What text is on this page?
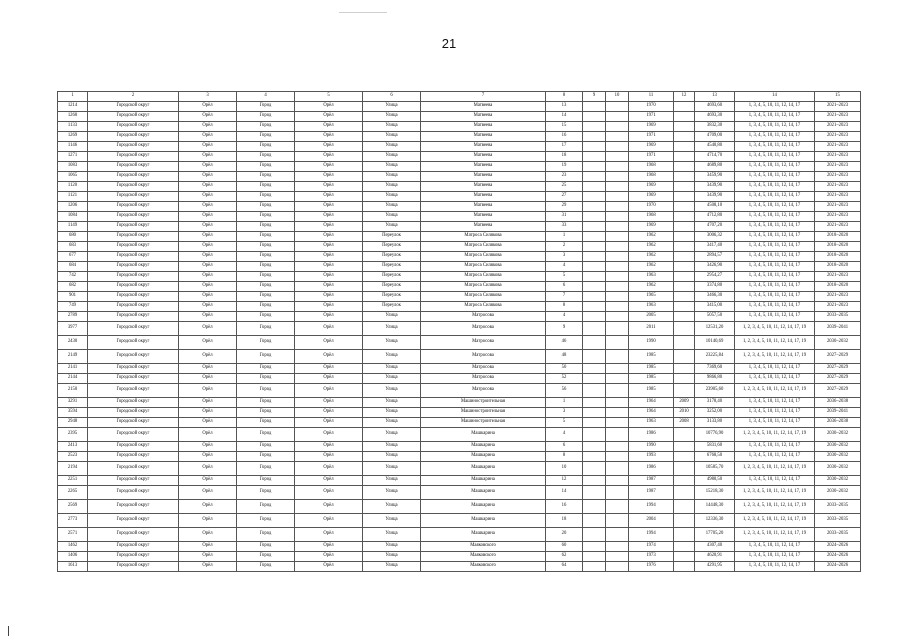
21
1	2	3	4	5	6	7	8	9	10	11	12	13	14	15
1214	Городской округ	Орёл	Город	Орёл	Улица	Матвеева	13			1970		4693,60	1, 3, 4, 5, 10, 11, 12, 14, 17	2021–2023
1268	Городской округ	Орёл	Город	Орёл	Улица	Матвеева	14			1971		4693,30	1, 3, 4, 5, 10, 11, 12, 14, 17	2021–2023
1133	Городской округ	Орёл	Город	Орёл	Улица	Матвеева	15			1969		3832,30	1, 3, 4, 5, 10, 11, 12, 14, 17	2021–2023
1269	Городской округ	Орёл	Город	Орёл	Улица	Матвеева	16			1971		4709,00	1, 3, 4, 5, 10, 11, 12, 14, 17	2021–2023
1146	Городской округ	Орёл	Город	Орёл	Улица	Матвеева	17			1969		4540,80	1, 3, 4, 5, 10, 11, 12, 14, 17	2021–2023
1271	Городской округ	Орёл	Город	Орёл	Улица	Матвеева	18			1971		4714,70	1, 3, 4, 5, 10, 11, 12, 14, 17	2021–2023
1083	Городской округ	Орёл	Город	Орёл	Улица	Матвеева	19			1968		4689,80	1, 3, 4, 5, 10, 11, 12, 14, 17	2021–2023
1065	Городской округ	Орёл	Город	Орёл	Улица	Матвеева	23			1968		3459,90	1, 3, 4, 5, 10, 11, 12, 14, 17	2021–2023
1120	Городской округ	Орёл	Город	Орёл	Улица	Матвеева	25			1969		3439,90	1, 3, 4, 5, 10, 11, 12, 14, 17	2021–2023
1121	Городской округ	Орёл	Город	Орёл	Улица	Матвеева	27			1969		3439,90	1, 3, 4, 5, 10, 11, 12, 14, 17	2021–2023
1206	Городской округ	Орёл	Город	Орёл	Улица	Матвеева	29			1970		4508,10	1, 3, 4, 5, 10, 11, 12, 14, 17	2021–2023
1084	Городской округ	Орёл	Город	Орёл	Улица	Матвеева	31			1968		4712,80	1, 3, 4, 5, 10, 11, 12, 14, 17	2021–2023
1149	Городской округ	Орёл	Город	Орёл	Улица	Матвеева	33			1969		4707,20	1, 3, 4, 5, 10, 11, 12, 14, 17	2021–2023
680	Городской округ	Орёл	Город	Орёл	Переулок	Матроса Силякова	1			1962		3006,32	1, 3, 4, 5, 10, 11, 12, 14, 17	2018–2020
683	Городской округ	Орёл	Город	Орёл	Переулок	Матроса Силякова	2			1962		3417,40	1, 3, 4, 5, 10, 11, 12, 14, 17	2018–2020
677	Городской округ	Орёл	Город	Орёл	Переулок	Матроса Силякова	3			1962		2894,57	1, 3, 4, 5, 10, 11, 12, 14, 17	2018–2020
684	Городской округ	Орёл	Город	Орёл	Переулок	Матроса Силякова	4			1962		3426,90	1, 3, 4, 5, 10, 11, 12, 14, 17	2018–2020
742	Городской округ	Орёл	Город	Орёл	Переулок	Матроса Силякова	5			1963		2954,27	1, 3, 4, 5, 10, 11, 12, 14, 17	2021–2023
682	Городской округ	Орёл	Город	Орёл	Переулок	Матроса Силякова	6			1962		3374,80	1, 3, 4, 5, 10, 11, 12, 14, 17	2018–2020
901	Городской округ	Орёл	Город	Орёл	Переулок	Матроса Силякова	7			1965		3466,30	1, 3, 4, 5, 10, 11, 12, 14, 17	2021–2023
749	Городской округ	Орёл	Город	Орёл	Переулок	Матроса Силякова	8			1963		3415,00	1, 3, 4, 5, 10, 11, 12, 14, 17	2021–2023
2789	Городской округ	Орёл	Город	Орёл	Улица	Матросова	4			2005		5057,50	1, 3, 4, 5, 10, 11, 12, 14, 17	2033–2035
3977	Городской округ	Орёл	Город	Орёл	Улица	Матросова	9			2011		12531,20	1, 2, 3, 4, 5, 10, 11, 12, 14, 17, 19	2039–2041
2430	Городской округ	Орёл	Город	Орёл	Улица	Матросова	46			1990		10140,69	1, 2, 3, 4, 5, 10, 11, 12, 14, 17, 19	2030–2032
2149	Городской округ	Орёл	Город	Орёл	Улица	Матросова	48			1985		23225,84	1, 2, 3, 4, 5, 10, 11, 12, 14, 17, 19	2027–2029
2141	Городской округ	Орёл	Город	Орёл	Улица	Матросова	50			1985		7369,60	1, 3, 4, 5, 10, 11, 12, 14, 17	2027–2029
2144	Городской округ	Орёл	Город	Орёл	Улица	Матросова	52			1985		9866,80	1, 3, 4, 5, 10, 11, 12, 14, 17	2027–2029
2150	Городской округ	Орёл	Город	Орёл	Улица	Матросова	56			1985		23905,60	1, 2, 3, 4, 5, 10, 11, 12, 14, 17, 19	2027–2029
3291	Городской округ	Орёл	Город	Орёл	Улица	Машиностроительная	1			1964	2009	3178,40	1, 3, 4, 5, 10, 11, 12, 14, 17	2036–2038
3594	Городской округ	Орёл	Город	Орёл	Улица	Машиностроительная	3			1964	2010	3252,00	1, 3, 4, 5, 10, 11, 12, 14, 17	2039–2041
2948	Городской округ	Орёл	Город	Орёл	Улица	Машиностроительная	5			1963	2008	3133,80	1, 3, 4, 5, 10, 11, 12, 14, 17	2036–2038
2395	Городской округ	Орёл	Город	Орёл	Улица	Машкарина	4			1986		10776,90	1, 2, 3, 4, 5, 10, 11, 12, 14, 17, 19	2030–2032
2413	Городской округ	Орёл	Город	Орёл	Улица	Машкарина	6			1990		5831,60	1, 3, 4, 5, 10, 11, 12, 14, 17	2030–2032
2523	Городской округ	Орёл	Город	Орёл	Улица	Машкарина	8			1993		6768,50	1, 3, 4, 5, 10, 11, 12, 14, 17	2030–2032
2194	Городской округ	Орёл	Город	Орёл	Улица	Машкарина	10			1986		10585,70	1, 2, 3, 4, 5, 10, 11, 12, 14, 17, 19	2030–2032
2251	Городской округ	Орёл	Город	Орёл	Улица	Машкарина	12			1987		4980,50	1, 3, 4, 5, 10, 11, 12, 14, 17	2030–2032
2265	Городской округ	Орёл	Город	Орёл	Улица	Машкарина	14			1987		15218,30	1, 2, 3, 4, 5, 10, 11, 12, 14, 17, 19	2030–2032
2569	Городской округ	Орёл	Город	Орёл	Улица	Машкарина	16			1994		14448,30	1, 2, 3, 4, 5, 10, 11, 12, 14, 17, 19	2033–2035
2773	Городской округ	Орёл	Город	Орёл	Улица	Машкарина	18			2004		12336,30	1, 2, 3, 4, 5, 10, 11, 12, 14, 17, 19	2033–2035
2571	Городской округ	Орёл	Город	Орёл	Улица	Машкарина	20			1994		17705,20	1, 2, 3, 4, 5, 10, 11, 12, 14, 17, 19	2033–2035
1462	Городской округ	Орёл	Город	Орёл	Улица	Маяковского	60			1974		4307,40	1, 3, 4, 5, 10, 11, 12, 14, 17	2024–2026
1406	Городской округ	Орёл	Город	Орёл	Улица	Маяковского	62			1973		4620,91	1, 3, 4, 5, 10, 11, 12, 14, 17	2024–2026
1613	Городской округ	Орёл	Город	Орёл	Улица	Маяковского	64			1976		4291,95	1, 3, 4, 5, 10, 11, 12, 14, 17	2024–2026
